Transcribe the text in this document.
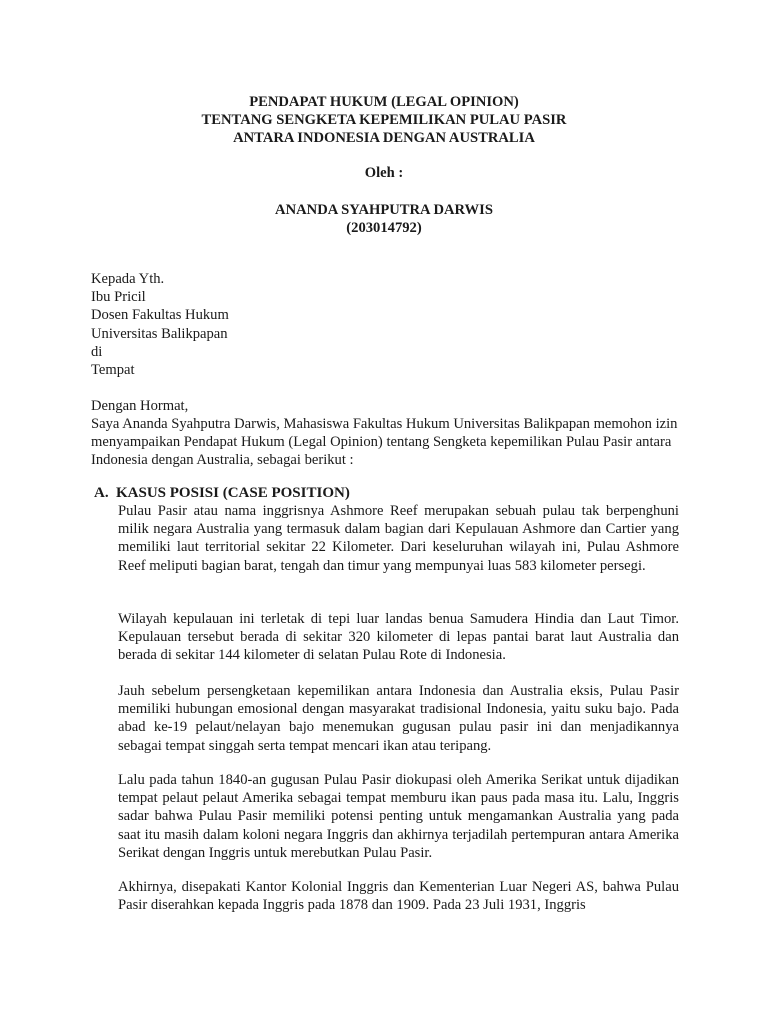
PENDAPAT HUKUM (LEGAL OPINION)
TENTANG SENGKETA KEPEMILIKAN PULAU PASIR
ANTARA INDONESIA DENGAN AUSTRALIA
Oleh :
ANANDA SYAHPUTRA DARWIS
(203014792)
Kepada Yth.
Ibu Pricil
Dosen Fakultas Hukum
Universitas Balikpapan
di
Tempat
Dengan Hormat,
Saya Ananda Syahputra Darwis, Mahasiswa Fakultas Hukum Universitas Balikpapan memohon izin menyampaikan Pendapat Hukum (Legal Opinion) tentang Sengketa kepemilikan Pulau Pasir antara Indonesia dengan Australia, sebagai berikut :
A. KASUS POSISI (CASE POSITION)
Pulau Pasir atau nama inggrisnya Ashmore Reef merupakan sebuah pulau tak berpenghuni milik negara Australia yang termasuk dalam bagian dari Kepulauan Ashmore dan Cartier yang memiliki laut territorial sekitar 22 Kilometer. Dari keseluruhan wilayah ini, Pulau Ashmore Reef meliputi bagian barat, tengah dan timur yang mempunyai luas 583 kilometer persegi.
Wilayah kepulauan ini terletak di tepi luar landas benua Samudera Hindia dan Laut Timor. Kepulauan tersebut berada di sekitar 320 kilometer di lepas pantai barat laut Australia dan berada di sekitar 144 kilometer di selatan Pulau Rote di Indonesia.
Jauh sebelum persengketaan kepemilikan antara Indonesia dan Australia eksis, Pulau Pasir memiliki hubungan emosional dengan masyarakat tradisional Indonesia, yaitu suku bajo. Pada abad ke-19 pelaut/nelayan bajo menemukan gugusan pulau pasir ini dan menjadikannya sebagai tempat singgah serta tempat mencari ikan atau teripang.
Lalu pada tahun 1840-an gugusan Pulau Pasir diokupasi oleh Amerika Serikat untuk dijadikan tempat pelaut pelaut Amerika sebagai tempat memburu ikan paus pada masa itu. Lalu, Inggris sadar bahwa Pulau Pasir memiliki potensi penting untuk mengamankan Australia yang pada saat itu masih dalam koloni negara Inggris dan akhirnya terjadilah pertempuran antara Amerika Serikat dengan Inggris untuk merebutkan Pulau Pasir.
Akhirnya, disepakati Kantor Kolonial Inggris dan Kementerian Luar Negeri AS, bahwa Pulau Pasir diserahkan kepada Inggris pada 1878 dan 1909. Pada 23 Juli 1931, Inggris
